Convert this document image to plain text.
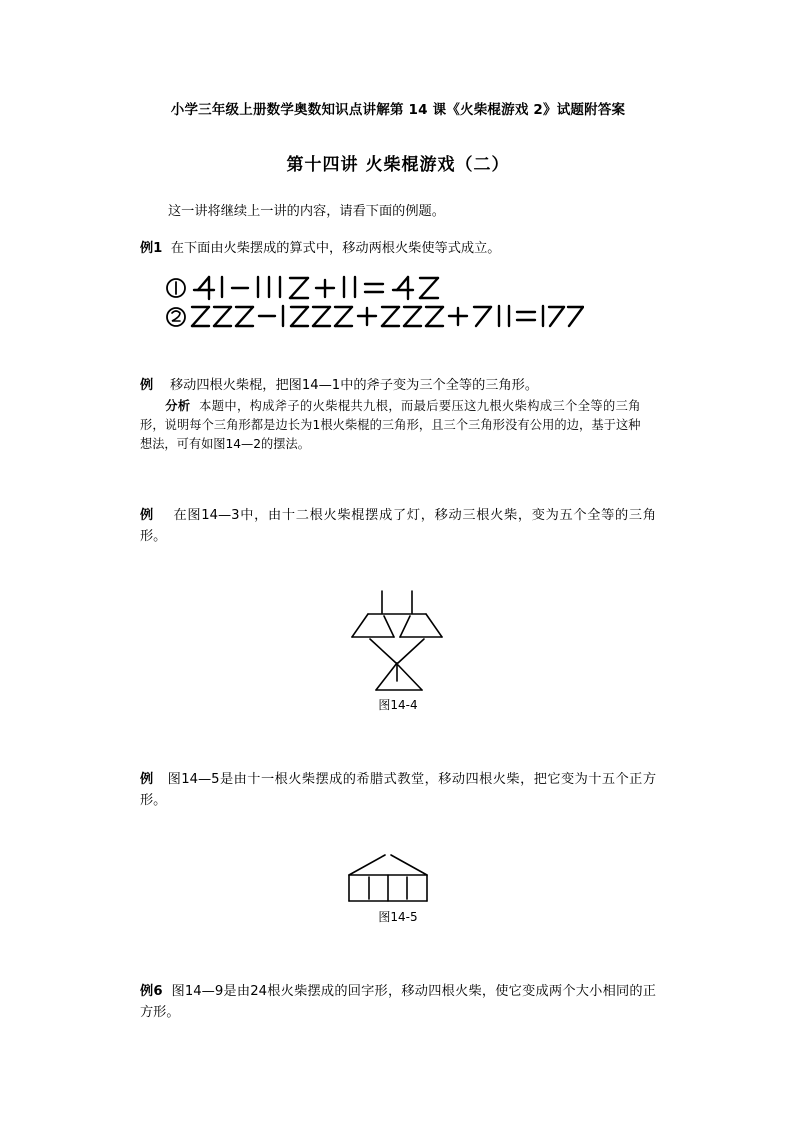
小学三年级上册数学奥数知识点讲解第 14 课《火柴棍游戏 2》试题附答案
第十四讲 火柴棍游戏（二）

这一讲将继续上一讲的内容，请看下面的例题。

例1 在下面由火柴摆成的算式中，移动两根火柴使等式成立。

例 移动四根火柴棍，把图14—1中的斧子变为三个全等的三角形。

分析 本题中，构成斧子的火柴棍共九根，而最后要压这九根火柴构成三个全等的三角形，说明每个三角形都是边长为1根火柴棍的三角形，且三个三角形没有公用的边，基于这种想法，可有如图14—2的摆法。

例 在图14—3中，由十二根火柴棍摆成了灯，移动三根火柴，变为五个全等的三角形。

图14-4

例 图14—5是由十一根火柴摆成的希腊式教堂，移动四根火柴，把它变为十五个正方形。

图14-5

例6 图14—9是由24根火柴摆成的回字形，移动四根火柴，使它变成两个大小相同的正方形。
